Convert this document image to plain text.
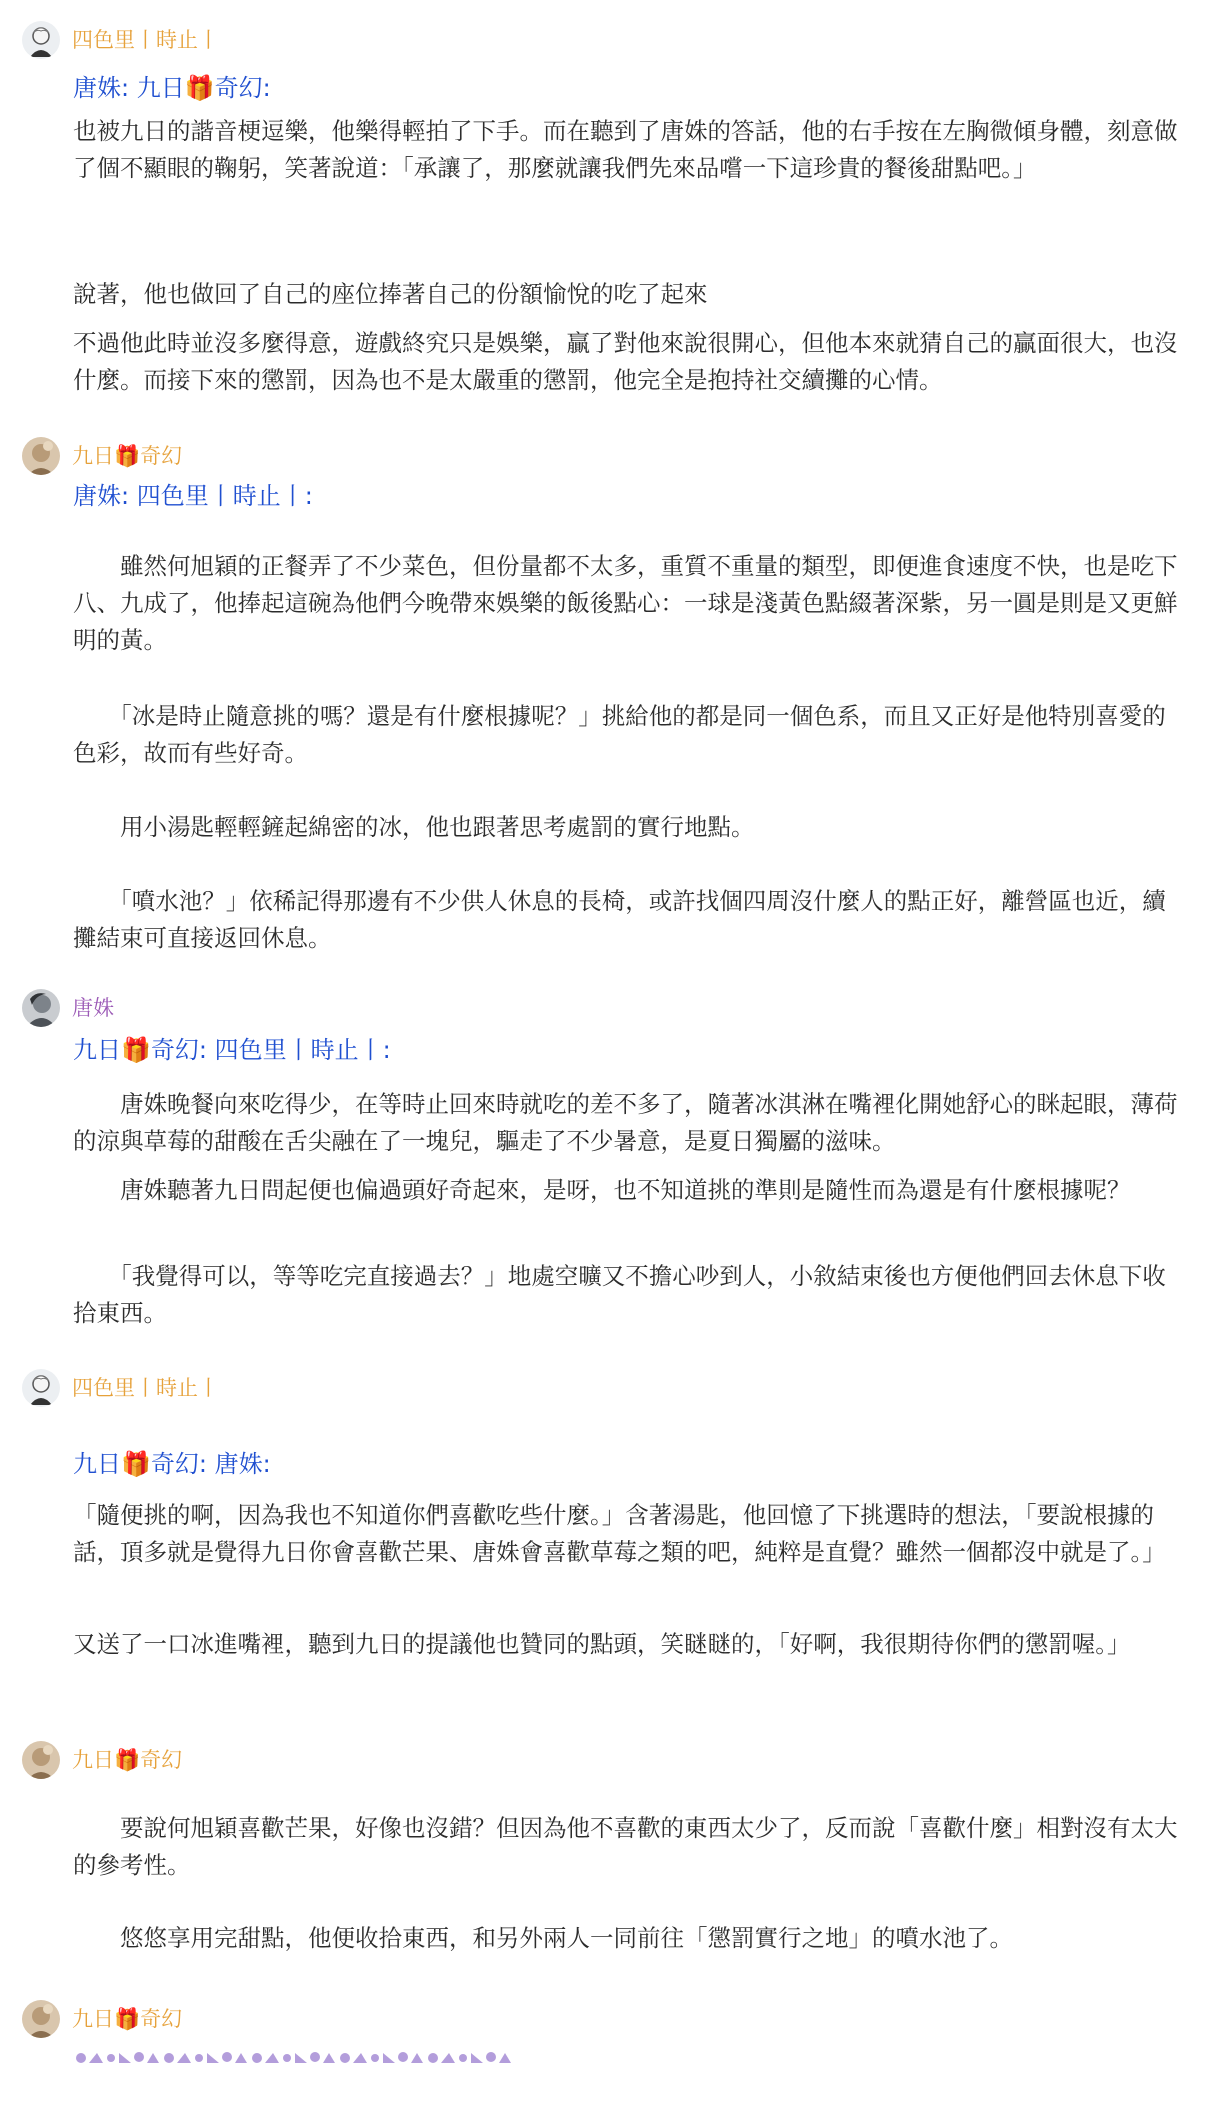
四色里丨時止丨
唐姝: 九日🎁奇幻:
也被九日的諧音梗逗樂，他樂得輕拍了下手。而在聽到了唐姝的答話，他的右手按在左胸微傾身體，刻意做了個不顯眼的鞠躬，笑著說道：「承讓了，那麼就讓我們先來品嚐一下這珍貴的餐後甜點吧。」
說著，他也做回了自己的座位捧著自己的份額愉悅的吃了起來
不過他此時並沒多麼得意，遊戲終究只是娛樂，贏了對他來說很開心，但他本來就猜自己的贏面很大，也沒什麼。而接下來的懲罰，因為也不是太嚴重的懲罰，他完全是抱持社交續攤的心情。
九日🎁奇幻
唐姝: 四色里丨時止丨:
　　雖然何旭穎的正餐弄了不少菜色，但份量都不太多，重質不重量的類型，即便進食速度不快，也是吃下八、九成了，他捧起這碗為他們今晚帶來娛樂的飯後點心：一球是淺黃色點綴著深紫，另一圓是則是又更鮮明的黃。
　　「冰是時止隨意挑的嗎？還是有什麼根據呢？」挑給他的都是同一個色系，而且又正好是他特別喜愛的色彩，故而有些好奇。
　　用小湯匙輕輕鏟起綿密的冰，他也跟著思考處罰的實行地點。
　　「噴水池？」依稀記得那邊有不少供人休息的長椅，或許找個四周沒什麼人的點正好，離營區也近，續攤結束可直接返回休息。
唐姝
九日🎁奇幻: 四色里丨時止丨:
　　唐姝晚餐向來吃得少，在等時止回來時就吃的差不多了，隨著冰淇淋在嘴裡化開她舒心的眯起眼，薄荷的涼與草莓的甜酸在舌尖融在了一塊兒，驅走了不少暑意，是夏日獨屬的滋味。
　　唐姝聽著九日問起便也偏過頭好奇起來，是呀，也不知道挑的準則是隨性而為還是有什麼根據呢？
　　「我覺得可以，等等吃完直接過去？」地處空曠又不擔心吵到人，小敘結束後也方便他們回去休息下收拾東西。
四色里丨時止丨
九日🎁奇幻: 唐姝:
「隨便挑的啊，因為我也不知道你們喜歡吃些什麼。」含著湯匙，他回憶了下挑選時的想法，「要說根據的話，頂多就是覺得九日你會喜歡芒果、唐姝會喜歡草莓之類的吧，純粹是直覺？雖然一個都沒中就是了。」
又送了一口冰進嘴裡，聽到九日的提議他也贊同的點頭，笑瞇瞇的，「好啊，我很期待你們的懲罰喔。」
九日🎁奇幻
　　要說何旭穎喜歡芒果，好像也沒錯？但因為他不喜歡的東西太少了，反而說「喜歡什麼」相對沒有太大的參考性。
　　悠悠享用完甜點，他便收拾東西，和另外兩人一同前往「懲罰實行之地」的噴水池了。
九日🎁奇幻
